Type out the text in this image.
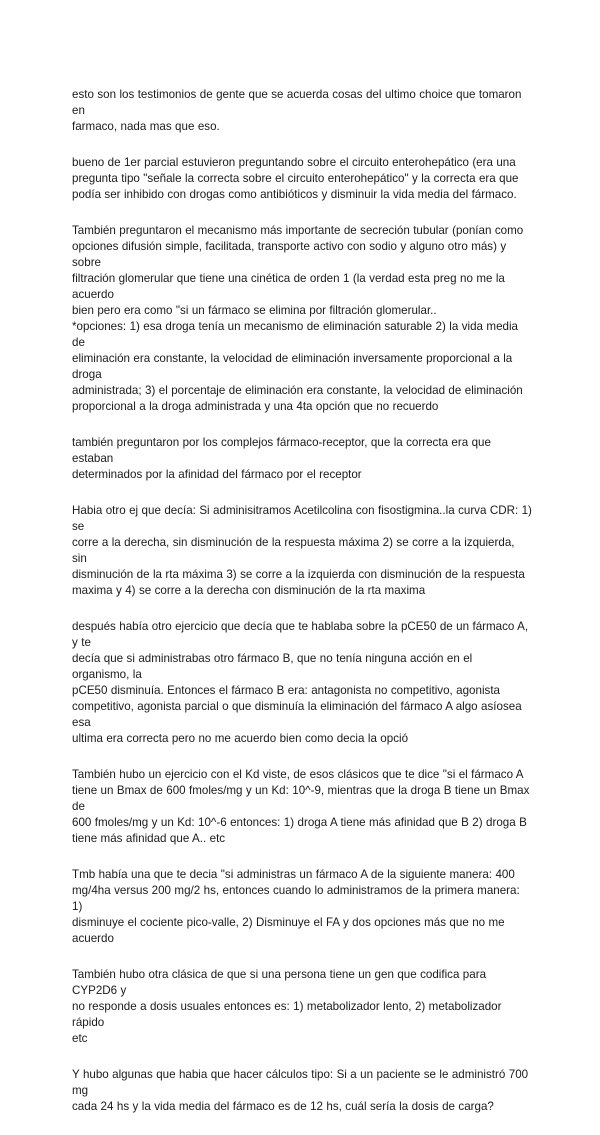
esto son los testimonios de gente que se acuerda cosas del ultimo choice que tomaron en
farmaco, nada mas que eso.

bueno de 1er parcial estuvieron preguntando sobre el circuito enterohepático (era una
pregunta tipo "señale la correcta sobre el circuito enterohepático" y la correcta era que
podía ser inhibido con drogas como antibióticos y disminuir la vida media del fármaco.

También preguntaron el mecanismo más importante de secreción tubular (ponían como
opciones difusión simple, facilitada, transporte activo con sodio y alguno otro más) y sobre
filtración glomerular que tiene una cinética de orden 1 (la verdad esta preg no me la acuerdo
bien pero era como "si un fármaco se elimina por filtración glomerular..
*opciones: 1) esa droga tenía un mecanismo de eliminación saturable 2) la vida media de
eliminación era constante, la velocidad de eliminación inversamente proporcional a la droga
administrada; 3) el porcentaje de eliminación era constante, la velocidad de eliminación
proporcional a la droga administrada y una 4ta opción que no recuerdo

también preguntaron por los complejos fármaco-receptor, que la correcta era que estaban
determinados por la afinidad del fármaco por el receptor

Habia otro ej que decía: Si adminisitramos Acetilcolina con fisostigmina..la curva CDR: 1) se
corre a la derecha, sin disminución de la respuesta máxima 2) se corre a la izquierda, sin
disminución de la rta máxima 3) se corre a la izquierda con disminución de la respuesta
maxima y 4) se corre a la derecha con disminución de la rta maxima

después había otro ejercicio que decía que te hablaba sobre la pCE50 de un fármaco A, y te
decía que si administrabas otro fármaco B, que no tenía ninguna acción en el organismo, la
pCE50 disminuía. Entonces el fármaco B era: antagonista no competitivo, agonista
competitivo, agonista parcial o que disminuía la eliminación del fármaco A algo asíosea esa
ultima era correcta pero no me acuerdo bien como decia la opció

También hubo un ejercicio con el Kd viste, de esos clásicos que te dice "si el fármaco A
tiene un Bmax de 600 fmoles/mg y un Kd: 10^-9, mientras que la droga B tiene un Bmax de
600 fmoles/mg y un Kd: 10^-6 entonces: 1) droga A tiene más afinidad que B 2) droga B
tiene más afinidad que A.. etc

Tmb había una que te decia "si administras un fármaco A de la siguiente manera: 400
mg/4ha versus 200 mg/2 hs, entonces cuando lo administramos de la primera manera: 1)
disminuye el cociente pico-valle, 2) Disminuye el FA y dos opciones más que no me
acuerdo

También hubo otra clásica de que si una persona tiene un gen que codifica para CYP2D6 y
no responde a dosis usuales entonces es: 1) metabolizador lento, 2) metabolizador rápido
etc

Y hubo algunas que habia que hacer cálculos tipo: Si a un paciente se le administró 700 mg
cada 24 hs y la vida media del fármaco es de 12 hs, cuál sería la dosis de carga?
